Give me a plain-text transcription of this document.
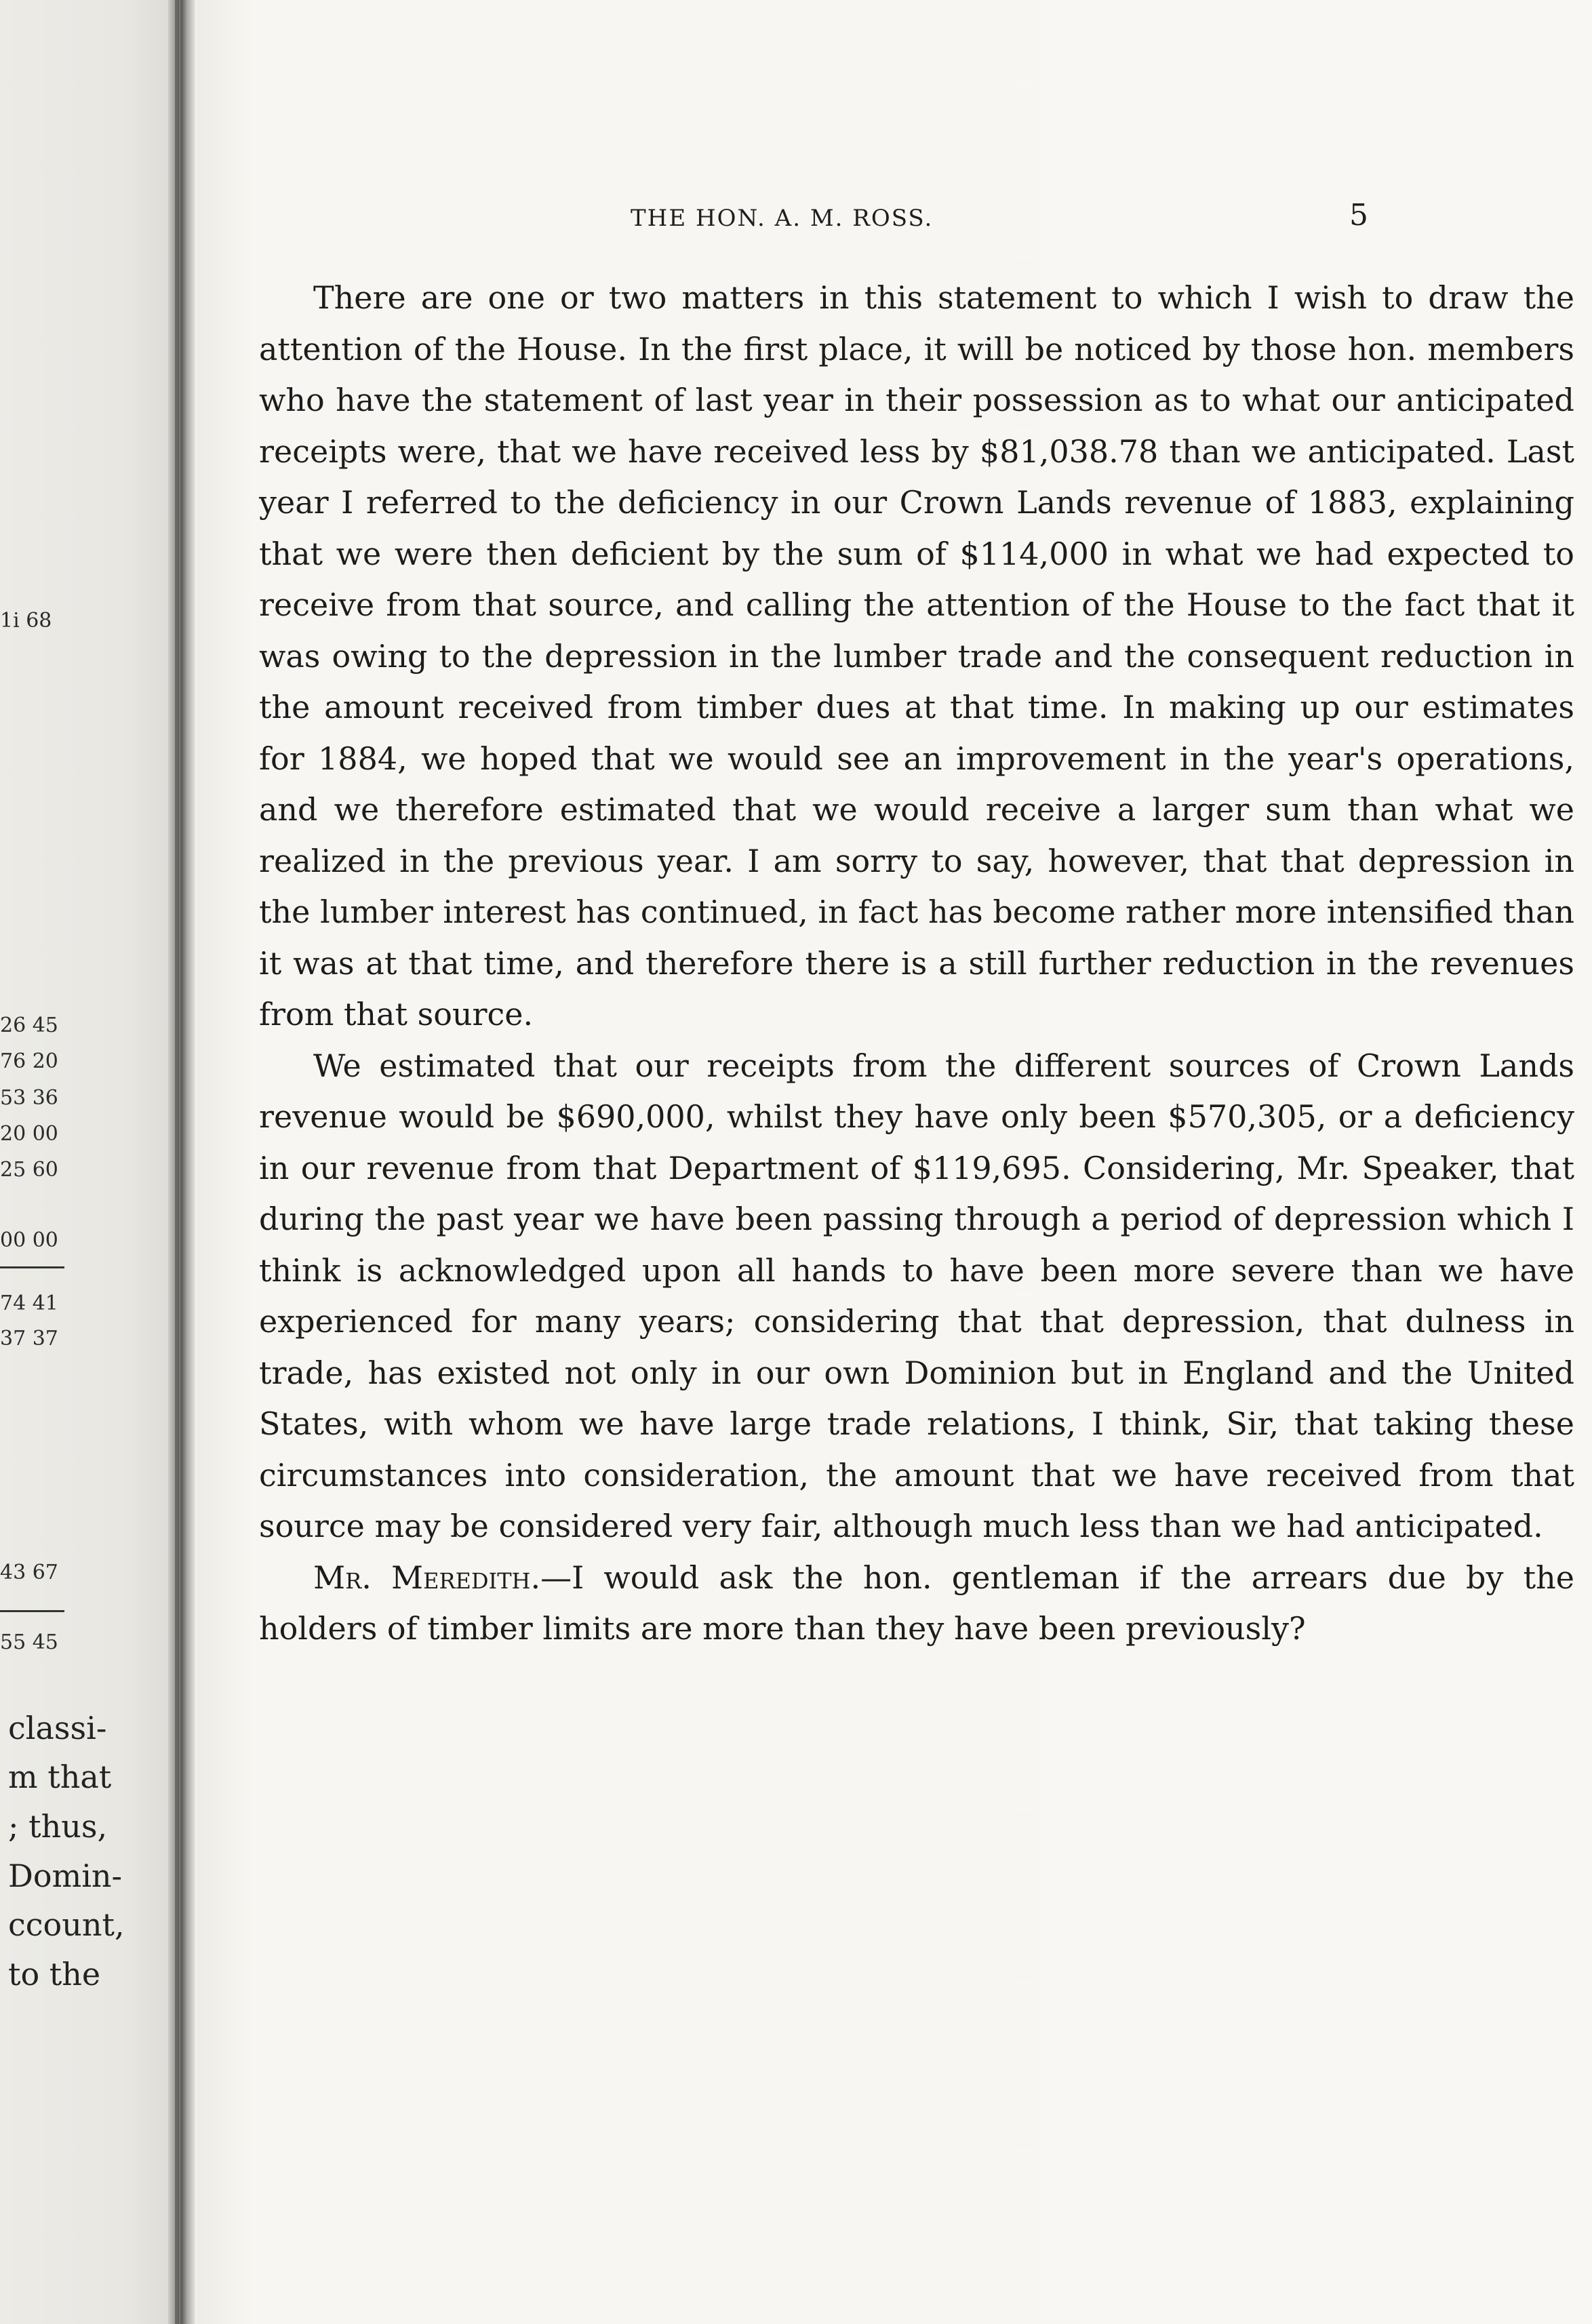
1i 68
26 45
76 20
53 36
20 00
25 60
00 00
74 41
37 37
43 67
55 45
classi-
m that
; thus,
Domin-
ccount,
to the
THE HON. A. M. ROSS.	5

There are one or two matters in this statement to which I wish to draw the attention of the House. In the first place, it will be noticed by those hon. members who have the statement of last year in their possession as to what our anticipated receipts were, that we have received less by $81,038.78 than we anticipated. Last year I referred to the deficiency in our Crown Lands revenue of 1883, explaining that we were then deficient by the sum of $114,000 in what we had expected to receive from that source, and calling the attention of the House to the fact that it was owing to the depression in the lumber trade and the consequent reduction in the amount received from timber dues at that time. In making up our estimates for 1884, we hoped that we would see an improvement in the year's operations, and we therefore estimated that we would receive a larger sum than what we realized in the previous year. I am sorry to say, however, that that depression in the lumber interest has continued, in fact has become rather more intensified than it was at that time, and therefore there is a still further reduction in the revenues from that source.

We estimated that our receipts from the different sources of Crown Lands revenue would be $690,000, whilst they have only been $570,305, or a deficiency in our revenue from that Department of $119,695. Considering, Mr. Speaker, that during the past year we have been passing through a period of depression which I think is acknowledged upon all hands to have been more severe than we have experienced for many years; considering that that depression, that dulness in trade, has existed not only in our own Dominion but in England and the United States, with whom we have large trade relations, I think, Sir, that taking these circumstances into consideration, the amount that we have received from that source may be considered very fair, although much less than we had anticipated.

Mr. Meredith.—I would ask the hon. gentleman if the arrears due by the holders of timber limits are more than they have been previously?
